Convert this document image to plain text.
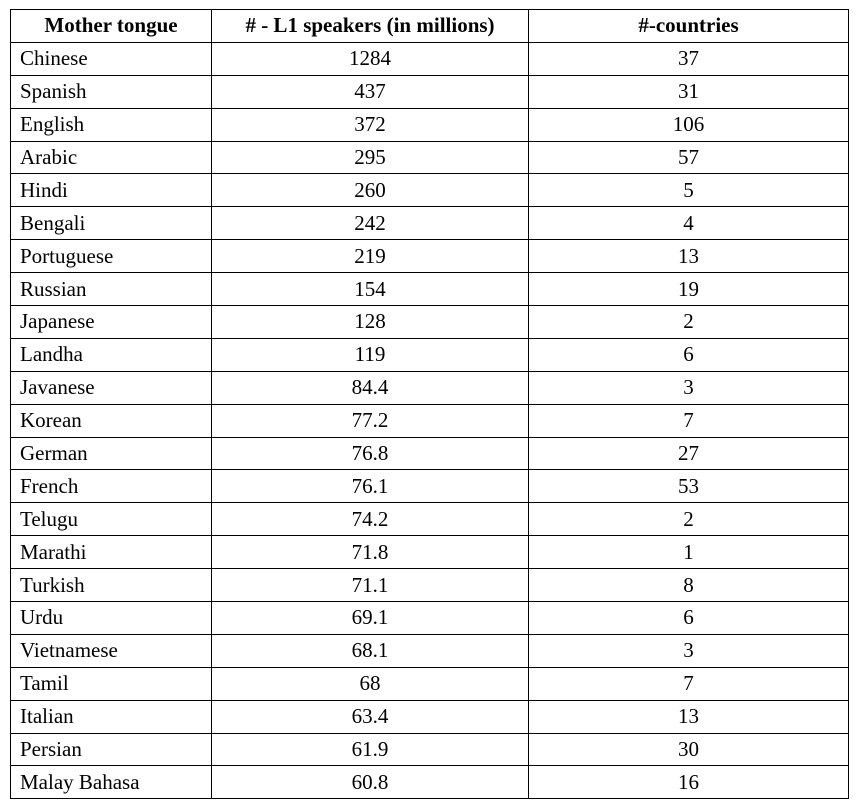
Mother tongue	# - L1 speakers (in millions)	#-countries
Chinese	1284	37
Spanish	437	31
English	372	106
Arabic	295	57
Hindi	260	5
Bengali	242	4
Portuguese	219	13
Russian	154	19
Japanese	128	2
Landha	119	6
Javanese	84.4	3
Korean	77.2	7
German	76.8	27
French	76.1	53
Telugu	74.2	2
Marathi	71.8	1
Turkish	71.1	8
Urdu	69.1	6
Vietnamese	68.1	3
Tamil	68	7
Italian	63.4	13
Persian	61.9	30
Malay Bahasa	60.8	16
